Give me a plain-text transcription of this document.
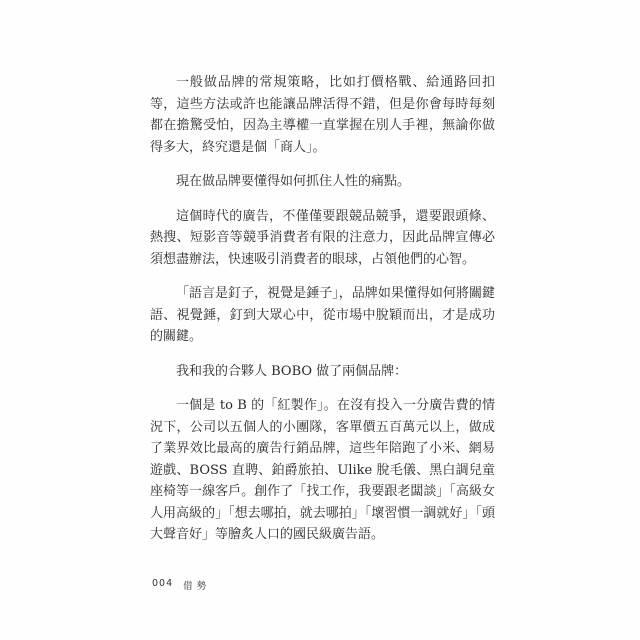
一般做品牌的常規策略，比如打價格戰、給通路回扣等，這些方法或許也能讓品牌活得不錯，但是你會每時每刻都在擔驚受怕，因為主導權一直掌握在別人手裡，無論你做得多大，終究還是個「商人」。

現在做品牌要懂得如何抓住人性的痛點。

這個時代的廣告，不僅僅要跟競品競爭，還要跟頭條、熱搜、短影音等競爭消費者有限的注意力，因此品牌宣傳必須想盡辦法，快速吸引消費者的眼球，占領他們的心智。

「語言是釘子，視覺是錘子」，品牌如果懂得如何將關鍵語、視覺錘，釘到大眾心中，從市場中脫穎而出，才是成功的關鍵。

我和我的合夥人 BOBO 做了兩個品牌：

一個是 to B 的「紅製作」。在沒有投入一分廣告費的情況下，公司以五個人的小團隊，客單價五百萬元以上，做成了業界效比最高的廣告行銷品牌，這些年陪跑了小米、網易遊戲、BOSS 直聘、鉑爵旅拍、Ulike 脫毛儀、黑白調兒童座椅等一線客戶。創作了「找工作，我要跟老闆談」「高級女人用高級的」「想去哪拍，就去哪拍」「壞習慣一調就好」「頭大聲音好」等膾炙人口的國民級廣告語。

004 借勢
